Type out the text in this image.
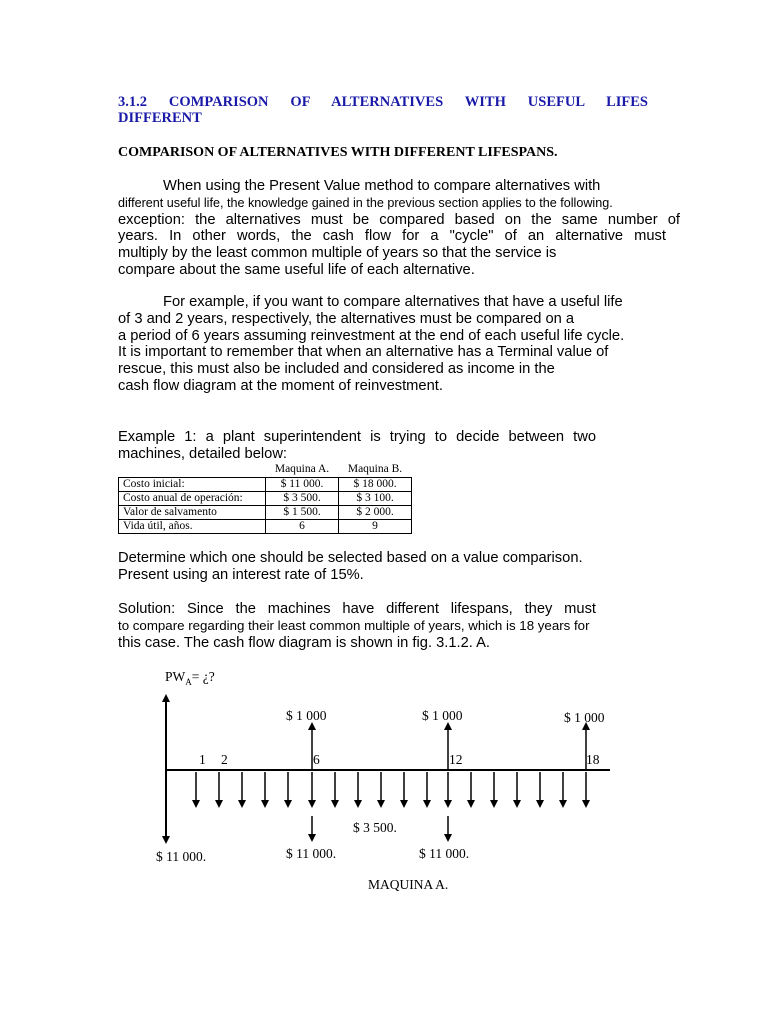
3.1.2 COMPARISON OF ALTERNATIVES WITH USEFUL LIFES
DIFFERENT
COMPARISON OF ALTERNATIVES WITH DIFFERENT LIFESPANS.
When using the Present Value method to compare alternatives with
different useful life, the knowledge gained in the previous section applies to the following.
exception: the alternatives must be compared based on the same number of
years. In other words, the cash flow for a "cycle" of an alternative must
multiply by the least common multiple of years so that the service is
compare about the same useful life of each alternative.
For example, if you want to compare alternatives that have a useful life
of 3 and 2 years, respectively, the alternatives must be compared on a
a period of 6 years assuming reinvestment at the end of each useful life cycle.
It is important to remember that when an alternative has a Terminal value of
rescue, this must also be included and considered as income in the
cash flow diagram at the moment of reinvestment.
Example 1: a plant superintendent is trying to decide between two
machines, detailed below:
	Maquina A.	Maquina B.
Costo inicial:	$ 11 000.	$ 18 000.
Costo anual de operación:	$ 3 500.	$ 3 100.
Valor de salvamento	$ 1 500.	$ 2 000.
Vida útil, años.	6	9
Determine which one should be selected based on a value comparison.
Present using an interest rate of 15%.
Solution: Since the machines have different lifespans, they must
to compare regarding their least common multiple of years, which is 18 years for
this case. The cash flow diagram is shown in fig. 3.1.2. A.
$PW_A=$ ¿?
$ 1 000	$ 1 000	$ 1 000
1 2	6	12	18
$ 3 500.
$ 11 000.	$ 11 000.	$ 11 000.
MAQUINA A.
